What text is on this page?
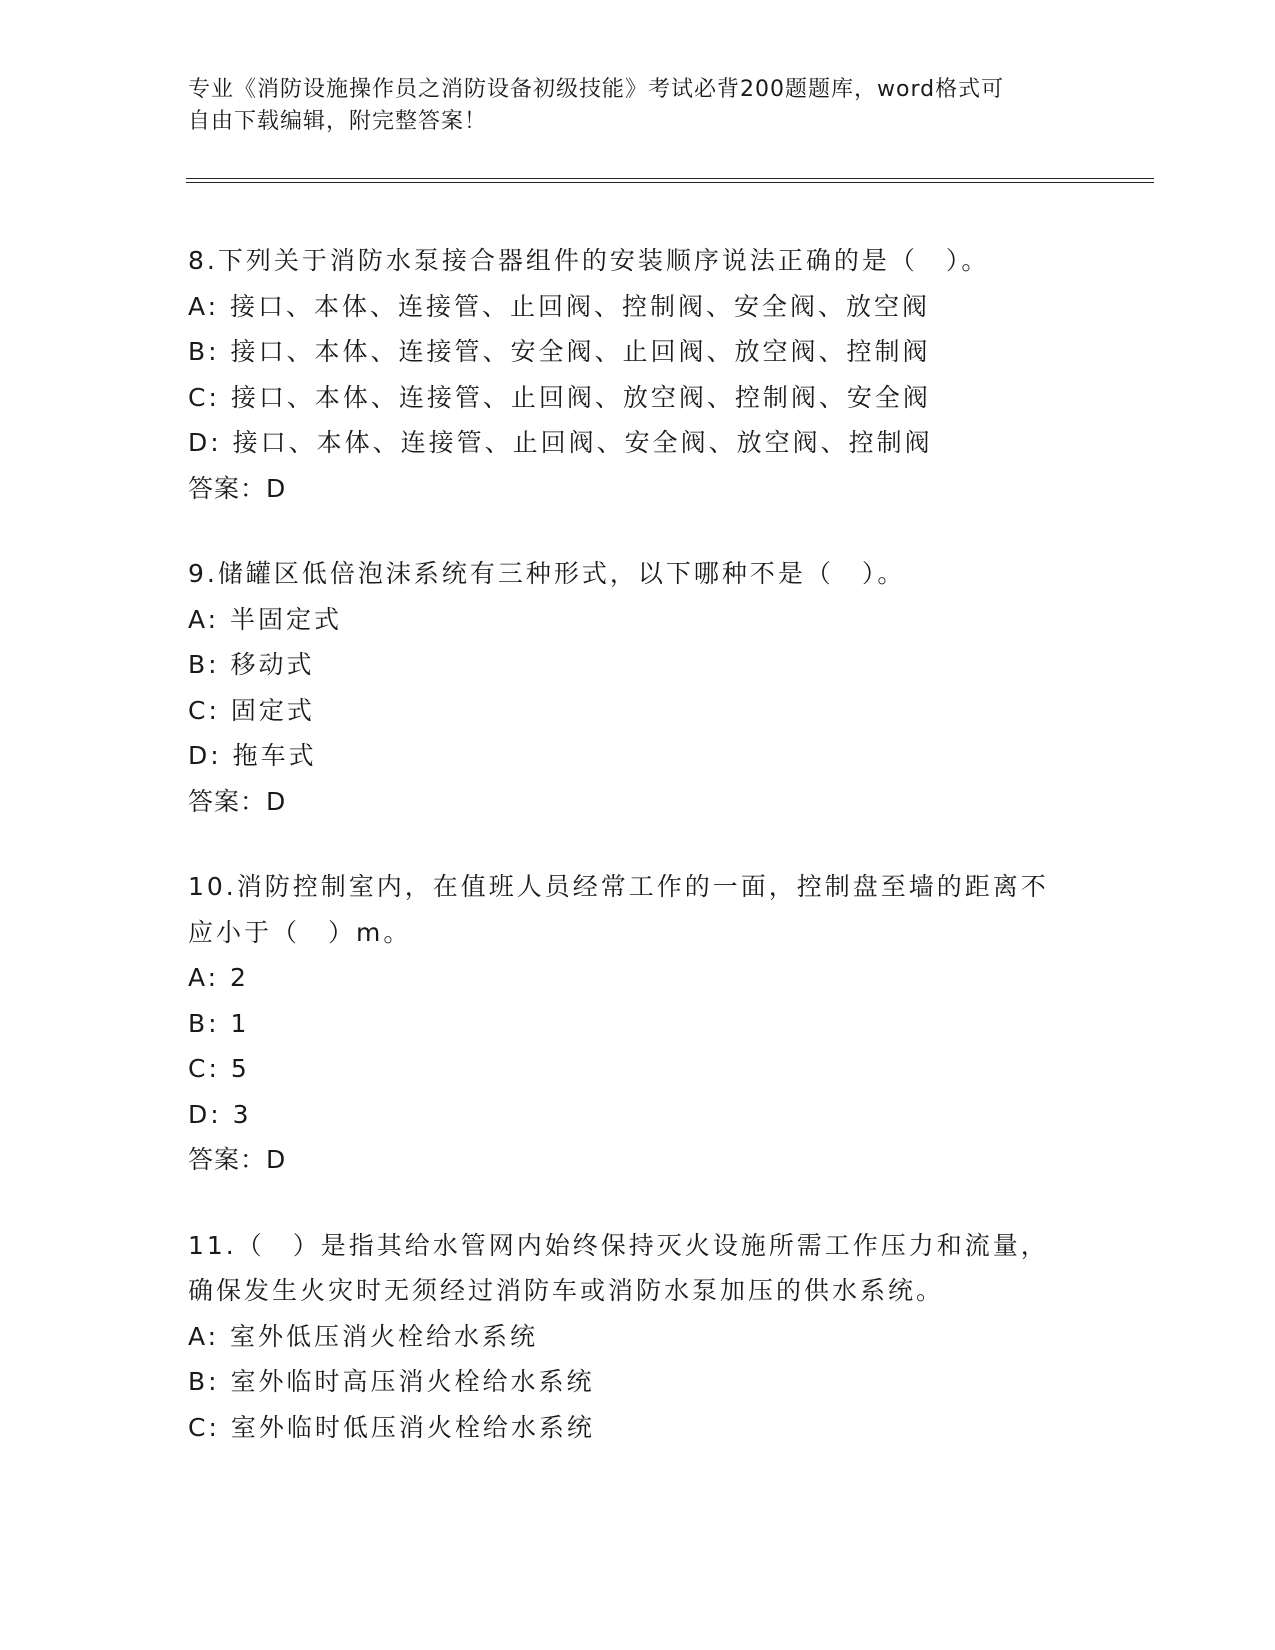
专业《消防设施操作员之消防设备初级技能》考试必背200题题库，word格式可
自由下载编辑，附完整答案！
8.下列关于消防水泵接合器组件的安装顺序说法正确的是（　）。
A: 接口、本体、连接管、止回阀、控制阀、安全阀、放空阀
B: 接口、本体、连接管、安全阀、止回阀、放空阀、控制阀
C: 接口、本体、连接管、止回阀、放空阀、控制阀、安全阀
D: 接口、本体、连接管、止回阀、安全阀、放空阀、控制阀
答案：D
9.储罐区低倍泡沫系统有三种形式，以下哪种不是（　）。
A: 半固定式
B: 移动式
C: 固定式
D: 拖车式
答案：D
10.消防控制室内，在值班人员经常工作的一面，控制盘至墙的距离不
应小于（　）m。
A: 2
B: 1
C: 5
D: 3
答案：D
11.（　）是指其给水管网内始终保持灭火设施所需工作压力和流量，
确保发生火灾时无须经过消防车或消防水泵加压的供水系统。
A: 室外低压消火栓给水系统
B: 室外临时高压消火栓给水系统
C: 室外临时低压消火栓给水系统
